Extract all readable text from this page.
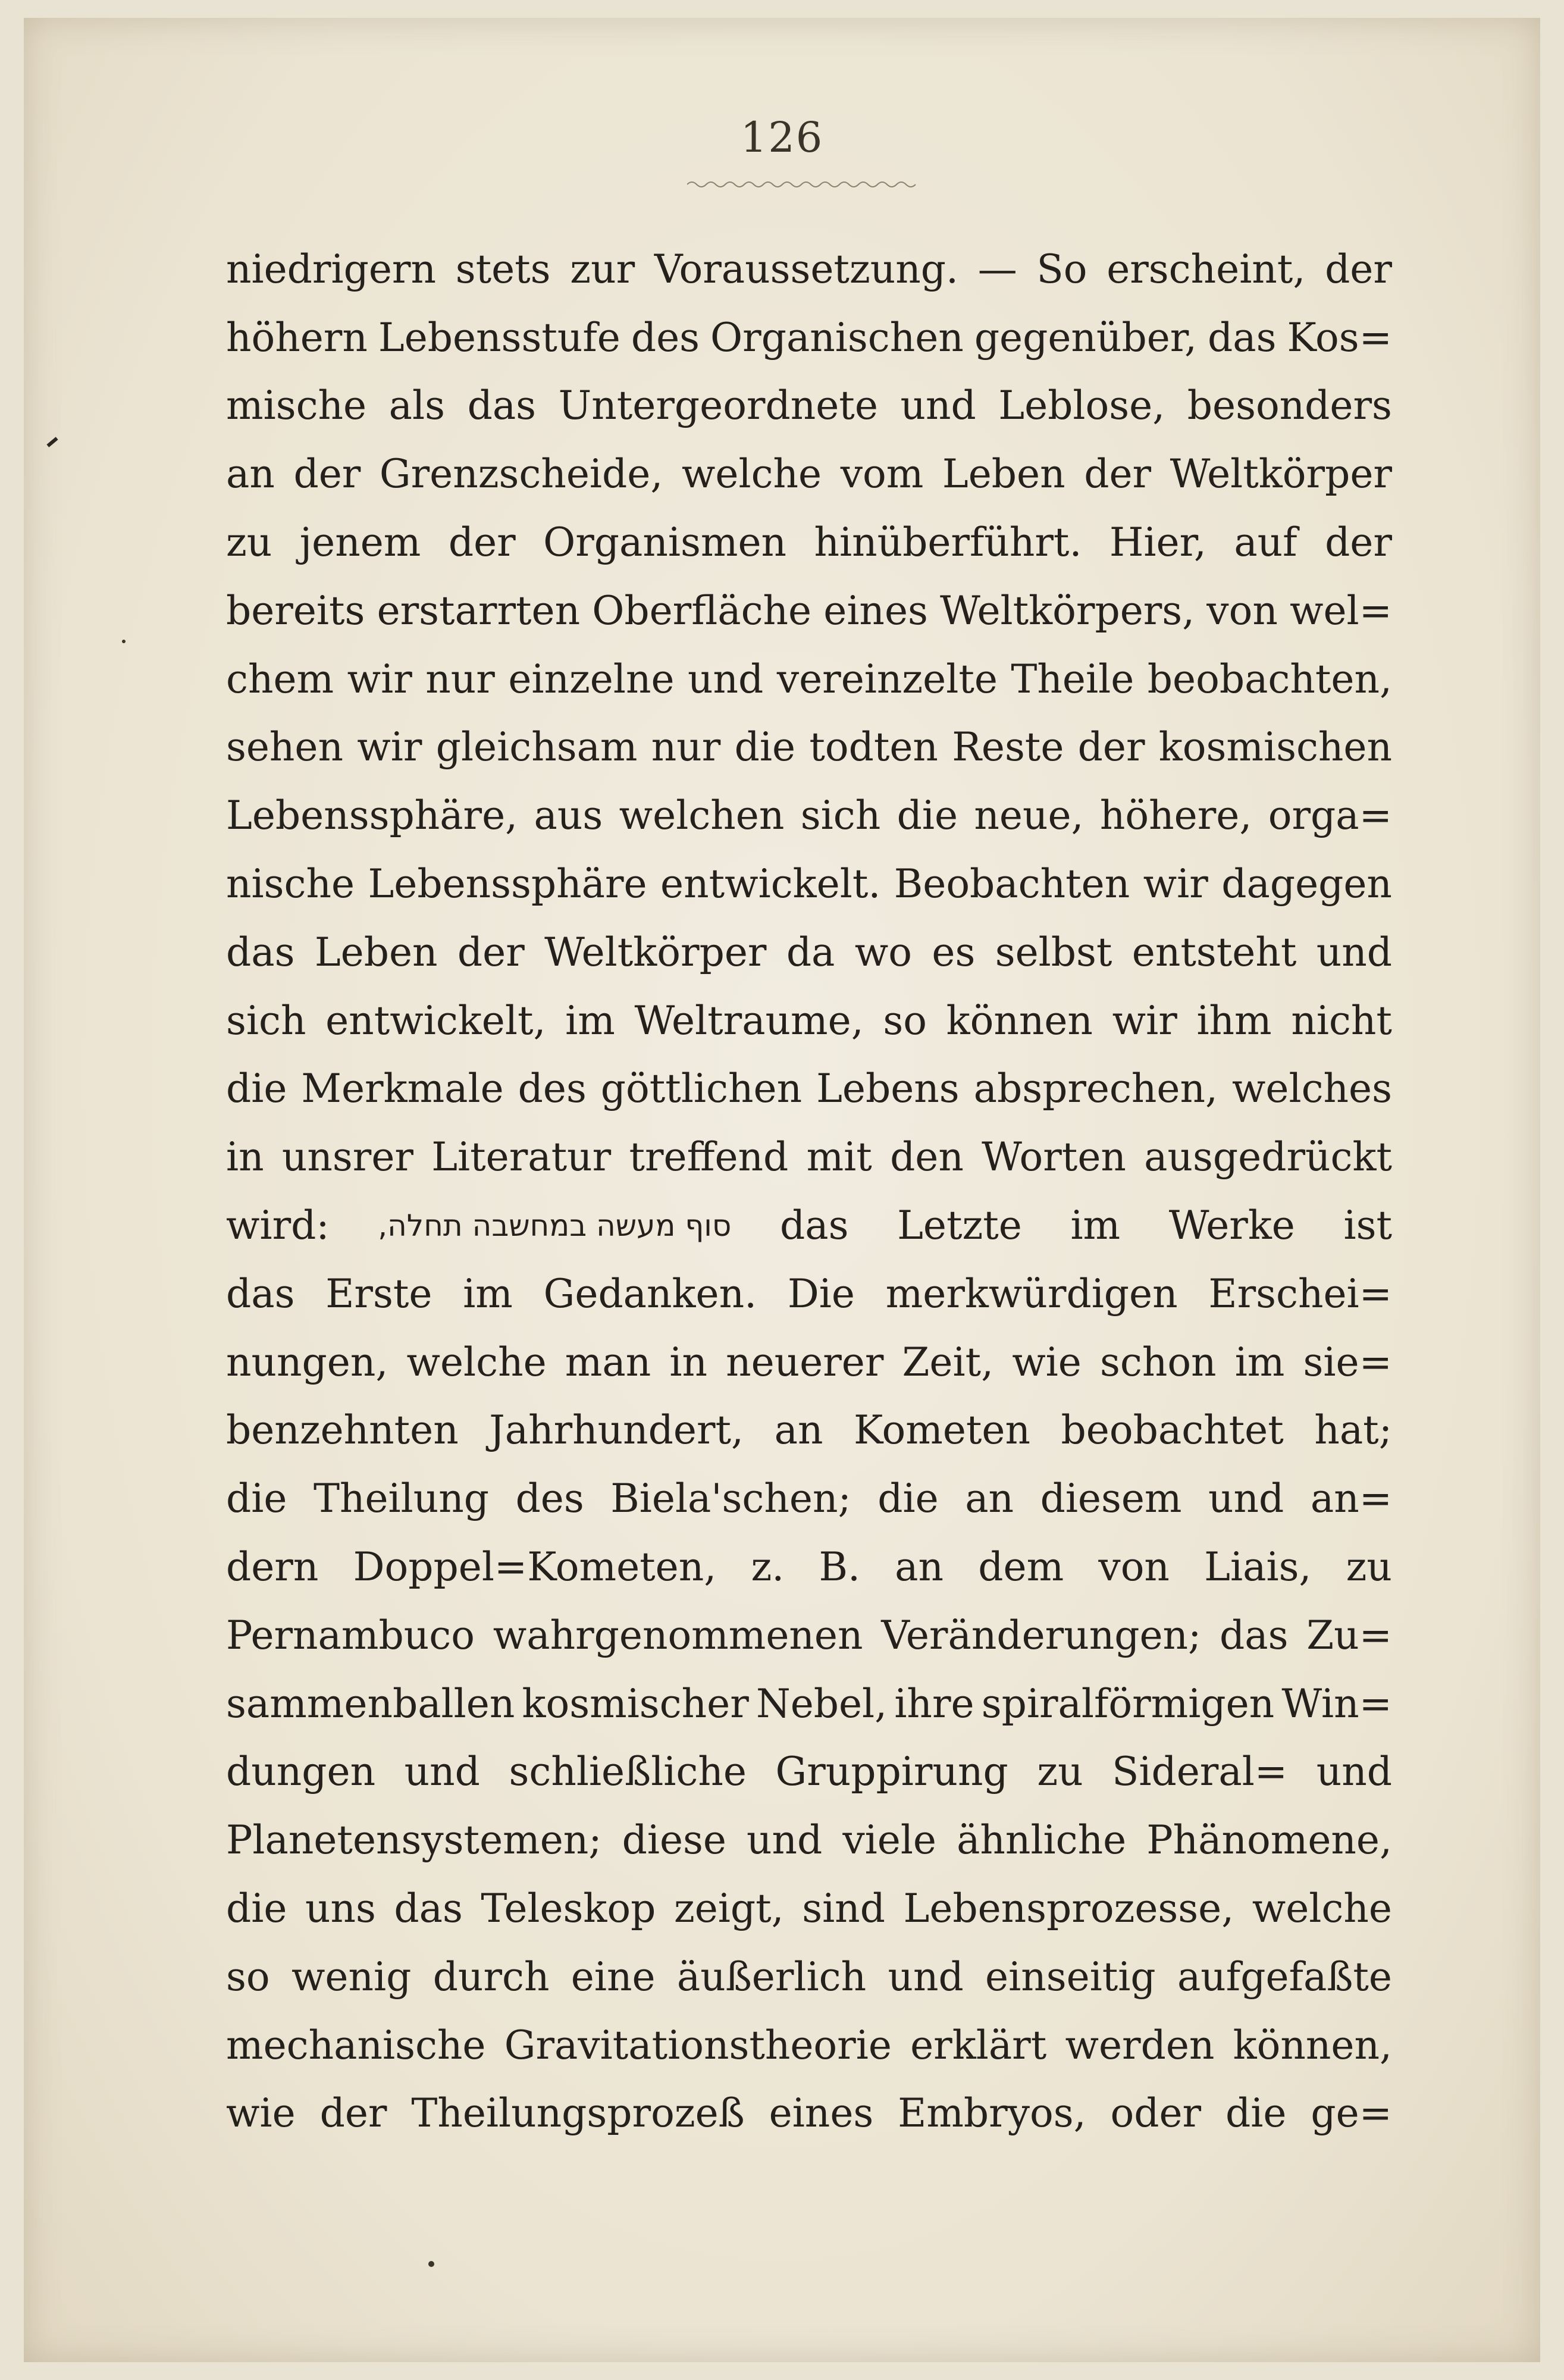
126
niedrigern stets zur Voraussetzung. — So erscheint, der
höhern Lebensstufe des Organischen gegenüber, das Kos=
mische als das Untergeordnete und Leblose, besonders
an der Grenzscheide, welche vom Leben der Weltkörper
zu jenem der Organismen hinüberführt. Hier, auf der
bereits erstarrten Oberfläche eines Weltkörpers, von wel=
chem wir nur einzelne und vereinzelte Theile beobachten,
sehen wir gleichsam nur die todten Reste der kosmischen
Lebenssphäre, aus welchen sich die neue, höhere, orga=
nische Lebenssphäre entwickelt. Beobachten wir dagegen
das Leben der Weltkörper da wo es selbst entsteht und
sich entwickelt, im Weltraume, so können wir ihm nicht
die Merkmale des göttlichen Lebens absprechen, welches
in unsrer Literatur treffend mit den Worten ausgedrückt
wird: סוף מעשה במחשבה תחלה, das Letzte im Werke ist
das Erste im Gedanken. Die merkwürdigen Erschei=
nungen, welche man in neuerer Zeit, wie schon im sie=
benzehnten Jahrhundert, an Kometen beobachtet hat;
die Theilung des Biela'schen; die an diesem und an=
dern Doppel=Kometen, z. B. an dem von Liais, zu
Pernambuco wahrgenommenen Veränderungen; das Zu=
sammenballen kosmischer Nebel, ihre spiralförmigen Win=
dungen und schließliche Gruppirung zu Sideral= und
Planetensystemen; diese und viele ähnliche Phänomene,
die uns das Teleskop zeigt, sind Lebensprozesse, welche
so wenig durch eine äußerlich und einseitig aufgefaßte
mechanische Gravitationstheorie erklärt werden können,
wie der Theilungsprozeß eines Embryos, oder die ge=
